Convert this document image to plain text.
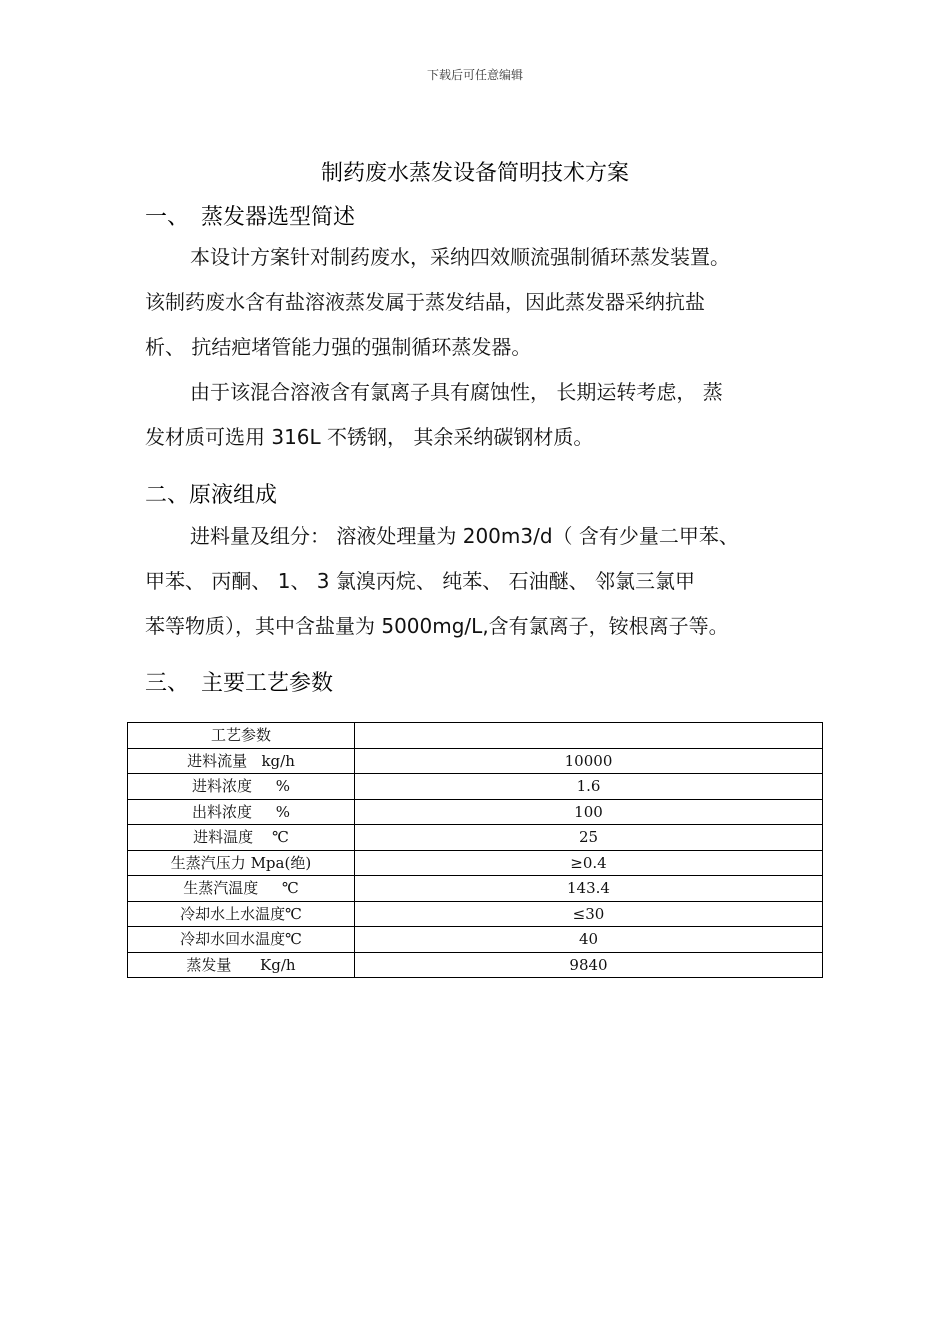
下载后可任意编辑
制药废水蒸发设备简明技术方案
一、 蒸发器选型简述
本设计方案针对制药废水，采纳四效顺流强制循环蒸发装置。
该制药废水含有盐溶液蒸发属于蒸发结晶，因此蒸发器采纳抗盐
析、 抗结疤堵管能力强的强制循环蒸发器。
由于该混合溶液含有氯离子具有腐蚀性， 长期运转考虑， 蒸
发材质可选用 316L 不锈钢， 其余采纳碳钢材质。
二、原液组成
进料量及组分： 溶液处理量为 200m3/d（ 含有少量二甲苯、
甲苯、 丙酮、 1、 3 氯溴丙烷、 纯苯、 石油醚、 邻氯三氯甲
苯等物质），其中含盐量为 5000mg/L,含有氯离子，铵根离子等。
三、 主要工艺参数
工艺参数	
进料流量   kg/h	10000
进料浓度     %	1.6
出料浓度     %	100
进料温度    ℃	25
生蒸汽压力 Mpa(绝)	≥0.4
生蒸汽温度     ℃	143.4
冷却水上水温度℃	≤30
冷却水回水温度℃	40
蒸发量      Kg/h	9840
